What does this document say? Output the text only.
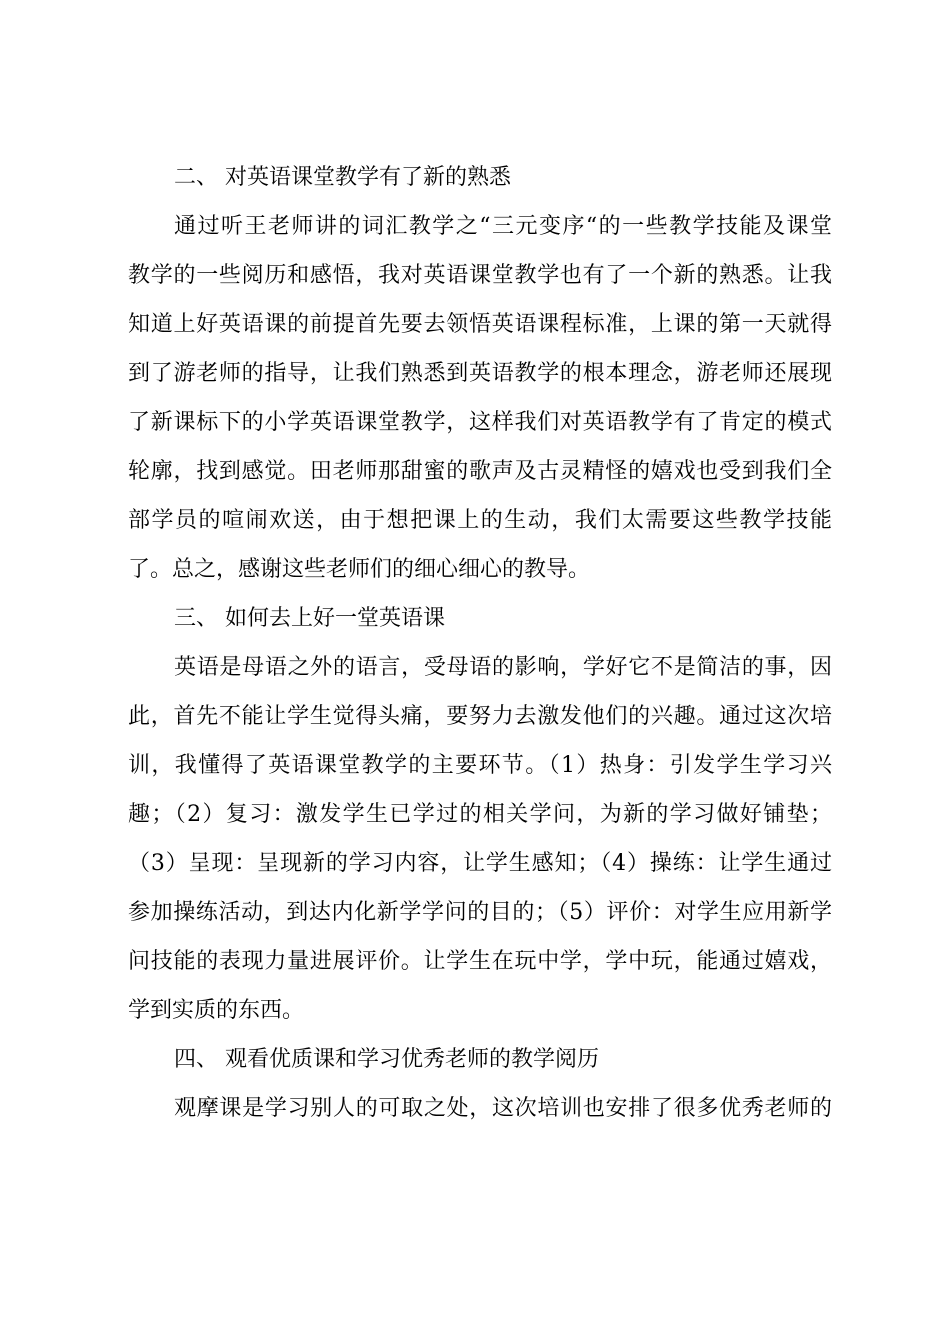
二、 对英语课堂教学有了新的熟悉
通过听王老师讲的词汇教学之“三元变序“的一些教学技能及课堂
教学的一些阅历和感悟，我对英语课堂教学也有了一个新的熟悉。让我
知道上好英语课的前提首先要去领悟英语课程标准，上课的第一天就得
到了游老师的指导，让我们熟悉到英语教学的根本理念，游老师还展现
了新课标下的小学英语课堂教学，这样我们对英语教学有了肯定的模式
轮廓，找到感觉。田老师那甜蜜的歌声及古灵精怪的嬉戏也受到我们全
部学员的喧闹欢送，由于想把课上的生动，我们太需要这些教学技能
了。总之，感谢这些老师们的细心细心的教导。
三、 如何去上好一堂英语课
英语是母语之外的语言，受母语的影响，学好它不是简洁的事，因
此，首先不能让学生觉得头痛，要努力去激发他们的兴趣。通过这次培
训，我懂得了英语课堂教学的主要环节。（1）热身：引发学生学习兴
趣；（2）复习：激发学生已学过的相关学问，为新的学习做好铺垫；
（3）呈现：呈现新的学习内容，让学生感知；（4）操练：让学生通过
参加操练活动，到达内化新学学问的目的；（5）评价：对学生应用新学
问技能的表现力量进展评价。让学生在玩中学，学中玩，能通过嬉戏，
学到实质的东西。
四、 观看优质课和学习优秀老师的教学阅历
观摩课是学习别人的可取之处，这次培训也安排了很多优秀老师的
